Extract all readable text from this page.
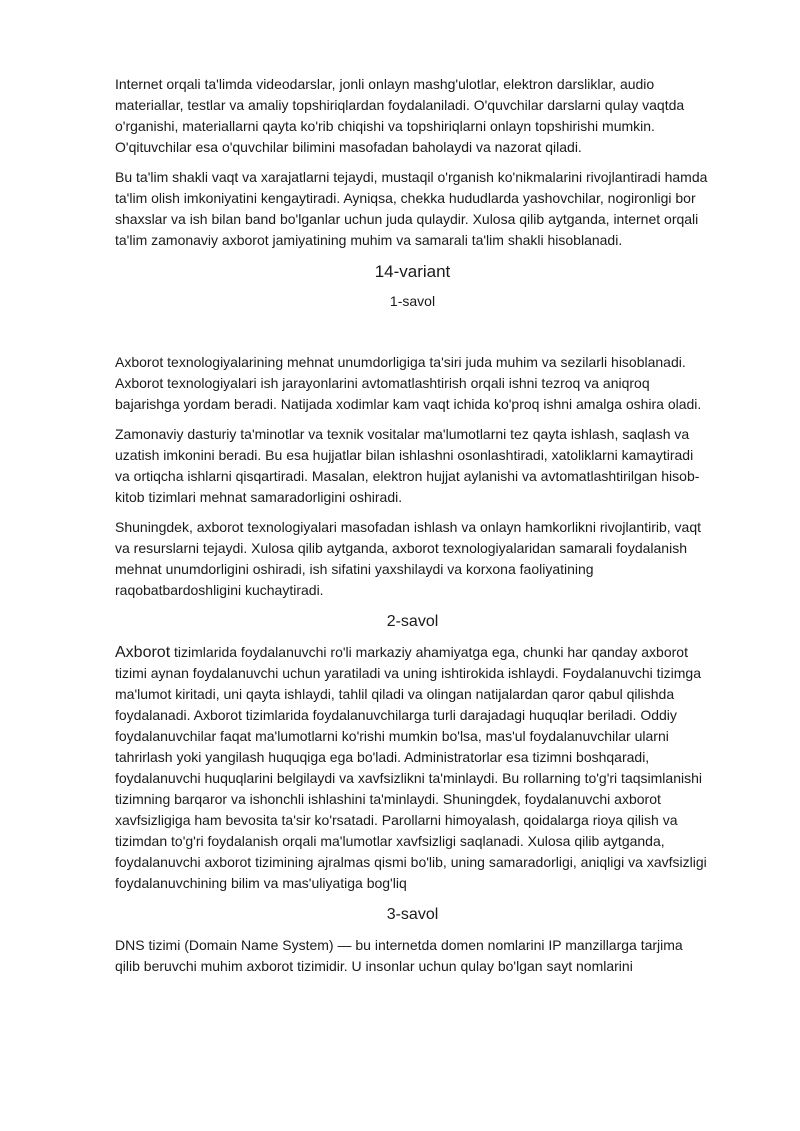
Internet orqali ta'limda videodarslar, jonli onlayn mashg'ulotlar, elektron darsliklar, audio materiallar, testlar va amaliy topshiriqlardan foydalaniladi. O'quvchilar darslarni qulay vaqtda o'rganishi, materiallarni qayta ko'rib chiqishi va topshiriqlarni onlayn topshirishi mumkin. O'qituvchilar esa o'quvchilar bilimini masofadan baholaydi va nazorat qiladi.

Bu ta'lim shakli vaqt va xarajatlarni tejaydi, mustaqil o'rganish ko'nikmalarini rivojlantiradi hamda ta'lim olish imkoniyatini kengaytiradi. Ayniqsa, chekka hududlarda yashovchilar, nogironligi bor shaxslar va ish bilan band bo'lganlar uchun juda qulaydir. Xulosa qilib aytganda, internet orqali ta'lim zamonaviy axborot jamiyatining muhim va samarali ta'lim shakli hisoblanadi.

14-variant
1-savol

Axborot texnologiyalarining mehnat unumdorligiga ta'siri juda muhim va sezilarli hisoblanadi. Axborot texnologiyalari ish jarayonlarini avtomatlashtirish orqali ishni tezroq va aniqroq bajarishga yordam beradi. Natijada xodimlar kam vaqt ichida ko'proq ishni amalga oshira oladi.

Zamonaviy dasturiy ta'minotlar va texnik vositalar ma'lumotlarni tez qayta ishlash, saqlash va uzatish imkonini beradi. Bu esa hujjatlar bilan ishlashni osonlashtiradi, xatoliklarni kamaytiradi va ortiqcha ishlarni qisqartiradi. Masalan, elektron hujjat aylanishi va avtomatlashtirilgan hisob-kitob tizimlari mehnat samaradorligini oshiradi.

Shuningdek, axborot texnologiyalari masofadan ishlash va onlayn hamkorlikni rivojlantirib, vaqt va resurslarni tejaydi. Xulosa qilib aytganda, axborot texnologiyalaridan samarali foydalanish mehnat unumdorligini oshiradi, ish sifatini yaxshilaydi va korxona faoliyatining raqobatbardoshligini kuchaytiradi.

2-savol

Axborot tizimlarida foydalanuvchi ro'li markaziy ahamiyatga ega, chunki har qanday axborot tizimi aynan foydalanuvchi uchun yaratiladi va uning ishtirokida ishlaydi. Foydalanuvchi tizimga ma'lumot kiritadi, uni qayta ishlaydi, tahlil qiladi va olingan natijalardan qaror qabul qilishda foydalanadi. Axborot tizimlarida foydalanuvchilarga turli darajadagi huquqlar beriladi. Oddiy foydalanuvchilar faqat ma'lumotlarni ko'rishi mumkin bo'lsa, mas'ul foydalanuvchilar ularni tahrirlash yoki yangilash huquqiga ega bo'ladi. Administratorlar esa tizimni boshqaradi, foydalanuvchi huquqlarini belgilaydi va xavfsizlikni ta'minlaydi. Bu rollarning to'g'ri taqsimlanishi tizimning barqaror va ishonchli ishlashini ta'minlaydi. Shuningdek, foydalanuvchi axborot xavfsizligiga ham bevosita ta'sir ko'rsatadi. Parollarni himoyalash, qoidalarga rioya qilish va tizimdan to'g'ri foydalanish orqali ma'lumotlar xavfsizligi saqlanadi. Xulosa qilib aytganda, foydalanuvchi axborot tizimining ajralmas qismi bo'lib, uning samaradorligi, aniqligi va xavfsizligi foydalanuvchining bilim va mas'uliyatiga bog'liq

3-savol

DNS tizimi (Domain Name System) — bu internetda domen nomlarini IP manzillarga tarjima qilib beruvchi muhim axborot tizimidir. U insonlar uchun qulay bo'lgan sayt nomlarini
